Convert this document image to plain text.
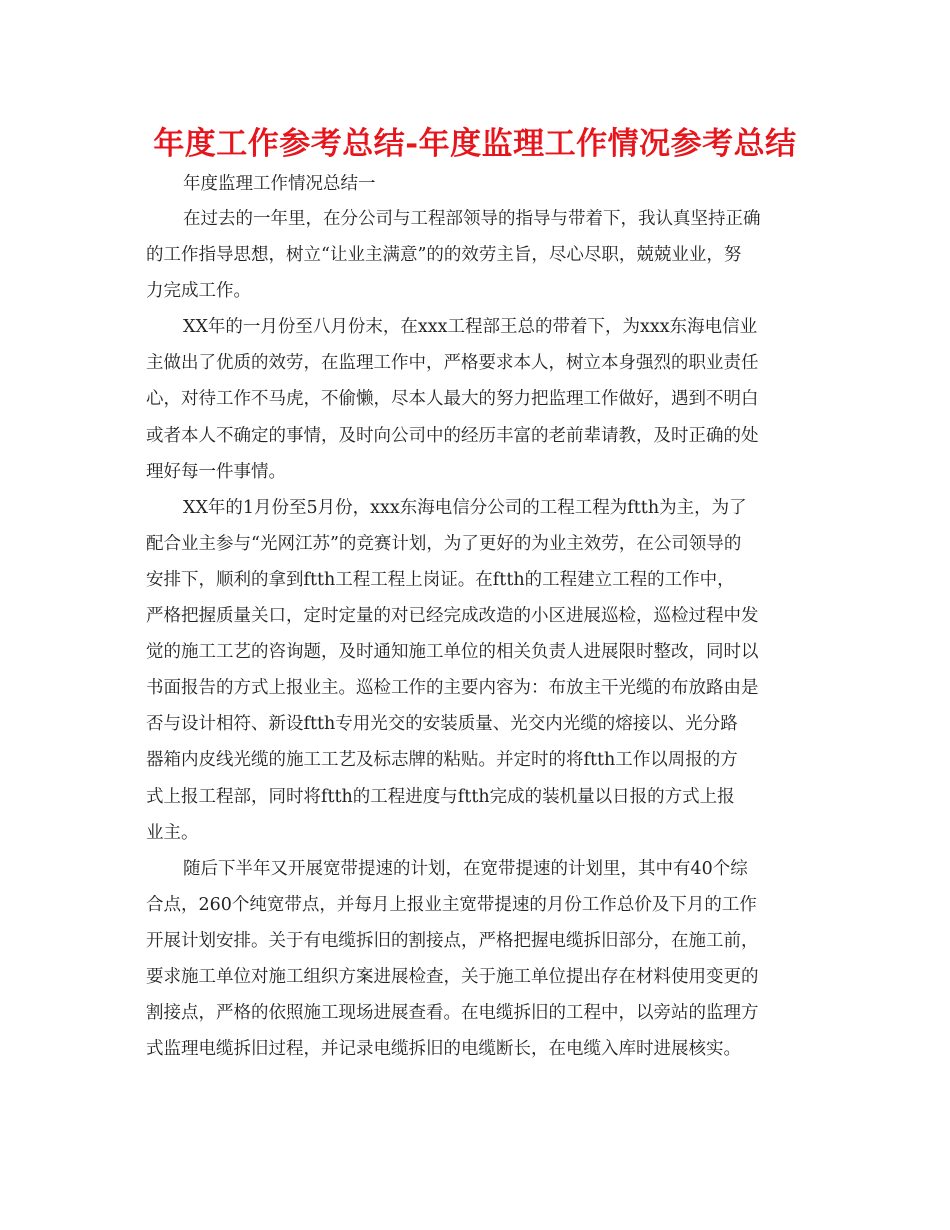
年度工作参考总结-年度监理工作情况参考总结
年度监理工作情况总结一

在过去的一年里，在分公司与工程部领导的指导与带着下，我认真坚持正确
的工作指导思想，树立“让业主满意”的的效劳主旨，尽心尽职，兢兢业业，努
力完成工作。

XX年的一月份至八月份末，在xxx工程部王总的带着下，为xxx东海电信业
主做出了优质的效劳，在监理工作中，严格要求本人，树立本身强烈的职业责任
心，对待工作不马虎，不偷懒，尽本人最大的努力把监理工作做好，遇到不明白
或者本人不确定的事情，及时向公司中的经历丰富的老前辈请教，及时正确的处
理好每一件事情。

XX年的1月份至5月份，xxx东海电信分公司的工程工程为ftth为主，为了
配合业主参与“光网江苏”的竞赛计划，为了更好的为业主效劳，在公司领导的
安排下，顺利的拿到ftth工程工程上岗证。在ftth的工程建立工程的工作中，
严格把握质量关口，定时定量的对已经完成改造的小区进展巡检，巡检过程中发
觉的施工工艺的咨询题，及时通知施工单位的相关负责人进展限时整改，同时以
书面报告的方式上报业主。巡检工作的主要内容为：布放主干光缆的布放路由是
否与设计相符、新设ftth专用光交的安装质量、光交内光缆的熔接以、光分路
器箱内皮线光缆的施工工艺及标志牌的粘贴。并定时的将ftth工作以周报的方
式上报工程部，同时将ftth的工程进度与ftth完成的装机量以日报的方式上报
业主。

随后下半年又开展宽带提速的计划，在宽带提速的计划里，其中有40个综
合点，260个纯宽带点，并每月上报业主宽带提速的月份工作总价及下月的工作
开展计划安排。关于有电缆拆旧的割接点，严格把握电缆拆旧部分，在施工前，
要求施工单位对施工组织方案进展检查，关于施工单位提出存在材料使用变更的
割接点，严格的依照施工现场进展查看。在电缆拆旧的工程中，以旁站的监理方
式监理电缆拆旧过程，并记录电缆拆旧的电缆断长，在电缆入库时进展核实。
